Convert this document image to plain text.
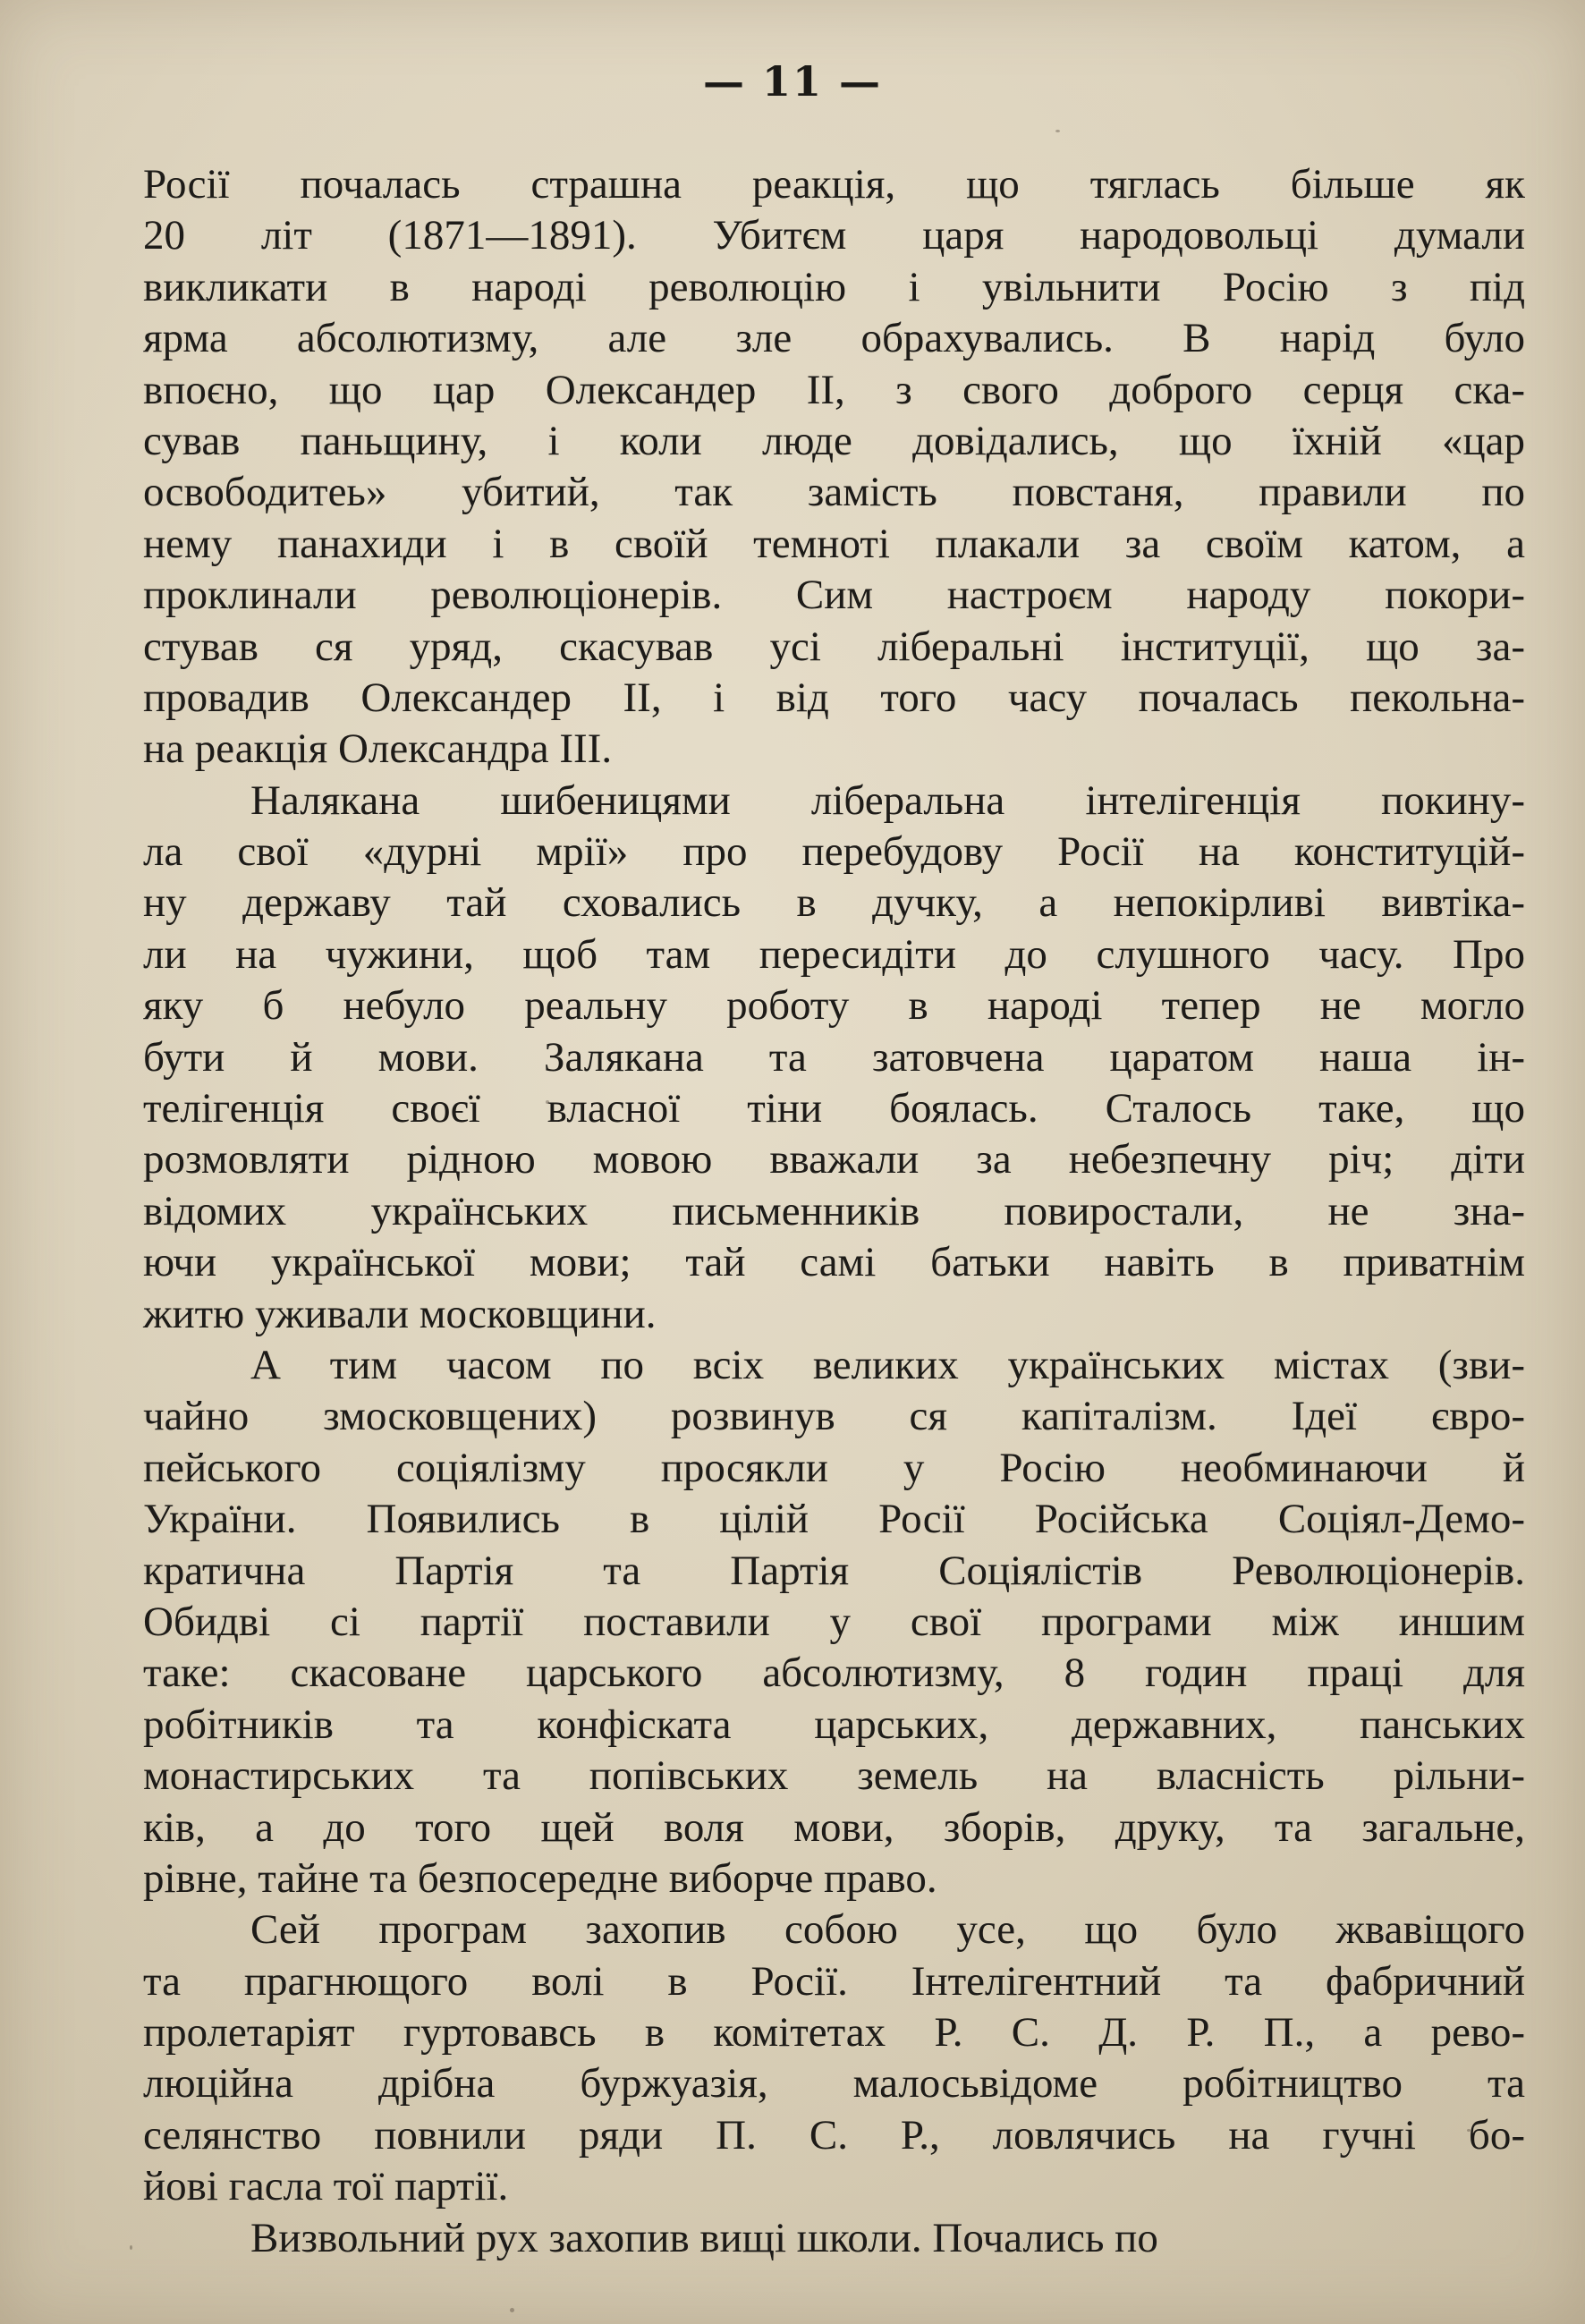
— 11 —
Росії почалась страшна реакція, що тяглась більше як
20 літ (1871—1891). Убитєм царя народовольці думали
викликати в народі революцію і увільнити Росію з під
ярма абсолютизму, але зле обрахувались. В нарід було
впоєно, що цар Олександер II, з свого доброго серця ска-
сував паньщину, і коли люде довідались, що їхній «цар
освободитеь» убитий, так замість повстаня, правили по
нему панахиди і в своїй темноті плакали за своїм катом, а
проклинали революціонерів. Сим настроєм народу покори-
стував ся уряд, скасував усі ліберальні інституції, що за-
провадив Олександер II, і від того часу почалась пекольна-
на реакція Олександра III.
Налякана шибеницями ліберальна інтелігенція покину-
ла свої «дурні мрії» про перебудову Росії на конституцій-
ну державу тай сховались в дучку, а непокірливі вивтіка-
ли на чужини, щоб там пересидіти до слушного часу. Про
яку б небуло реальну роботу в народі тепер не могло
бути й мови. Залякана та затовчена царатом наша ін-
телігенція своєї власної тіни боялась. Сталось таке, що
розмовляти рідною мовою вважали за небезпечну річ; діти
відомих українських письменників повиростали, не зна-
ючи української мови; тай самі батьки навіть в приватнім
житю уживали московщини.
А тим часом по всіх великих українських містах (зви-
чайно змосковщених) розвинув ся капіталізм. Ідеї євро-
пейського соціялізму просякли у Росію необминаючи й
України. Появились в цілій Росії Російська Соціял-Демо-
кратична Партія та Партія Соціялістів Революціонерів.
Обидві сі партії поставили у свої програми між иншим
таке: скасоване царського абсолютизму, 8 годин праці для
робітників та конфіската царських, державних, панських
монастирських та попівських земель на власність рільни-
ків, а до того щей воля мови, зборів, друку, та загальне,
рівне, тайне та безпосередне виборче право.
Сей програм захопив собою усе, що було жвавіщого
та прагнющого волі в Росії. Інтелігентний та фабричний
пролетаріят гуртовавсь в комітетах Р. С. Д. Р. П., а рево-
люційна дрібна буржуазія, малосьвідоме робітництво та
селянство повнили ряди П. С. Р., ловлячись на гучні бо-
йові гасла тої партії.
Визвольний рух захопив вищі школи. Почались по
